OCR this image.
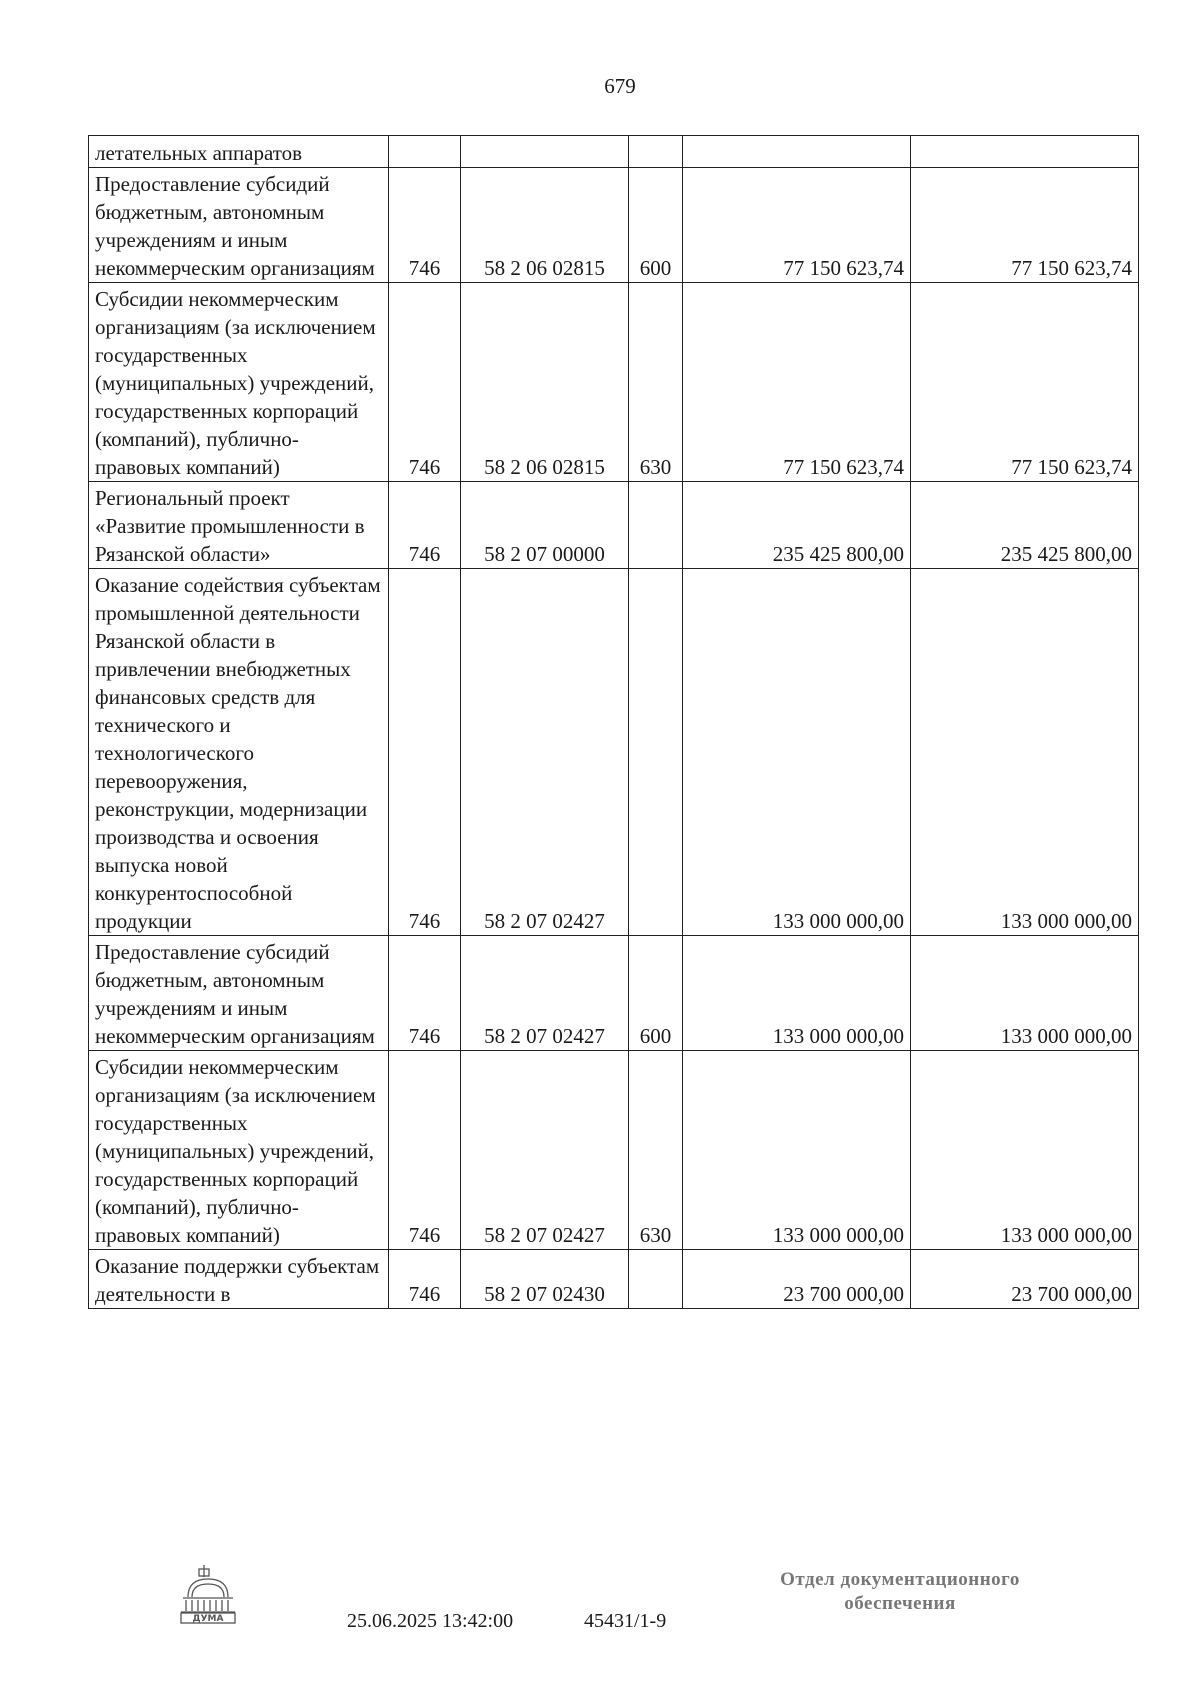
679
летательных аппаратов					
Предоставление субсидий бюджетным, автономным учреждениям и иным некоммерческим организациям	746	58 2 06 02815	600	77 150 623,74	77 150 623,74
Субсидии некоммерческим организациям (за исключением государственных (муниципальных) учреждений, государственных корпораций (компаний), публично-правовых компаний)	746	58 2 06 02815	630	77 150 623,74	77 150 623,74
Региональный проект «Развитие промышленности в Рязанской области»	746	58 2 07 00000		235 425 800,00	235 425 800,00
Оказание содействия субъектам промышленной деятельности Рязанской области в привлечении внебюджетных финансовых средств для технического и технологического перевооружения, реконструкции, модернизации производства и освоения выпуска новой конкурентоспособной продукции	746	58 2 07 02427		133 000 000,00	133 000 000,00
Предоставление субсидий бюджетным, автономным учреждениям и иным некоммерческим организациям	746	58 2 07 02427	600	133 000 000,00	133 000 000,00
Субсидии некоммерческим организациям (за исключением государственных (муниципальных) учреждений, государственных корпораций (компаний), публично-правовых компаний)	746	58 2 07 02427	630	133 000 000,00	133 000 000,00
Оказание поддержки субъектам деятельности в	746	58 2 07 02430		23 700 000,00	23 700 000,00
ДУМА
Отдел документационного обеспечения
25.06.2025 13:42:00	45431/1-9
